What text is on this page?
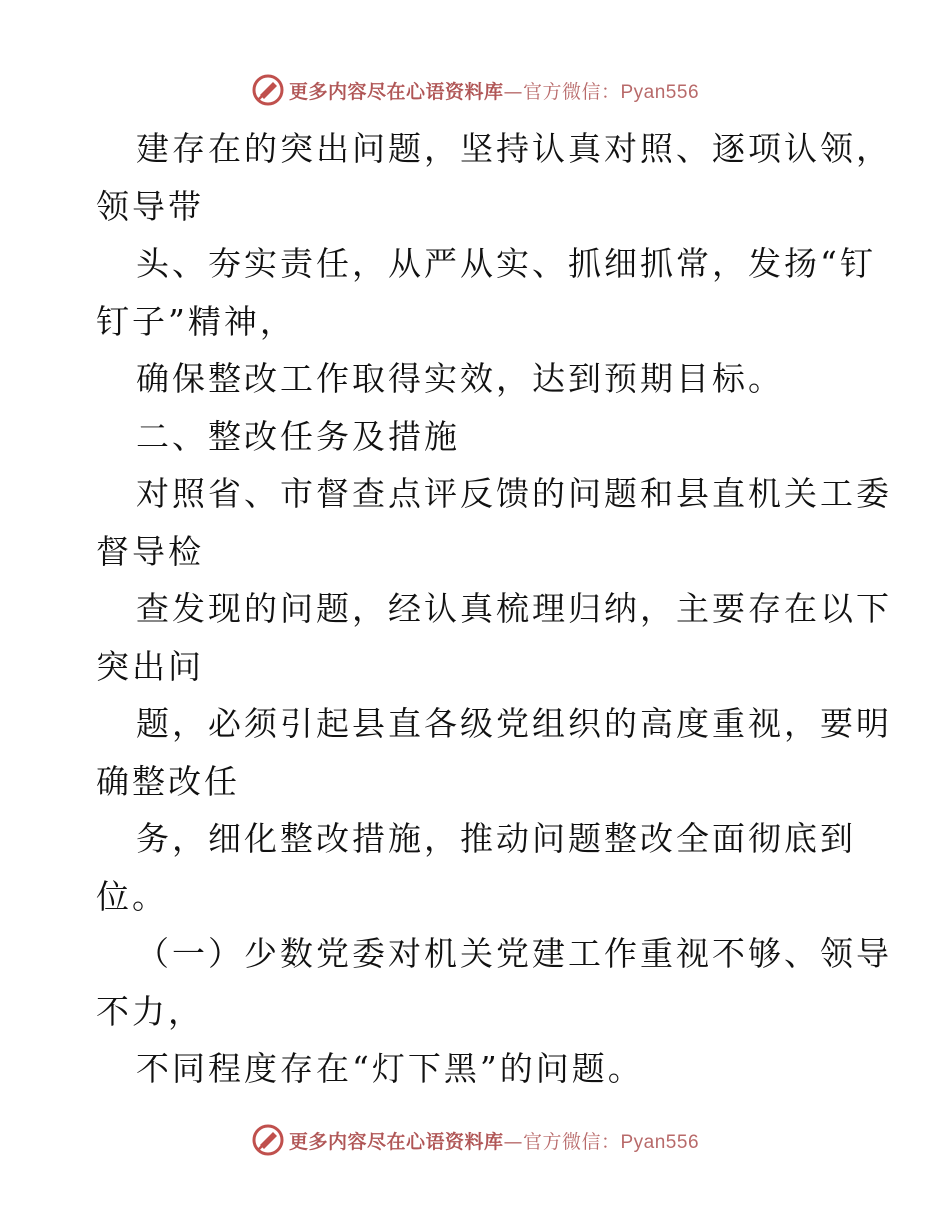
更多内容尽在心语资料库—官方微信：Pyan556
建存在的突出问题，坚持认真对照、逐项认领，
领导带
头、夯实责任，从严从实、抓细抓常，发扬“钉
钉子”精神，
确保整改工作取得实效，达到预期目标。
二、整改任务及措施
对照省、市督查点评反馈的问题和县直机关工委
督导检
查发现的问题，经认真梳理归纳，主要存在以下
突出问
题，必须引起县直各级党组织的高度重视，要明
确整改任
务，细化整改措施，推动问题整改全面彻底到
位。
（一）少数党委对机关党建工作重视不够、领导
不力，
不同程度存在“灯下黑”的问题。
更多内容尽在心语资料库—官方微信：Pyan556
